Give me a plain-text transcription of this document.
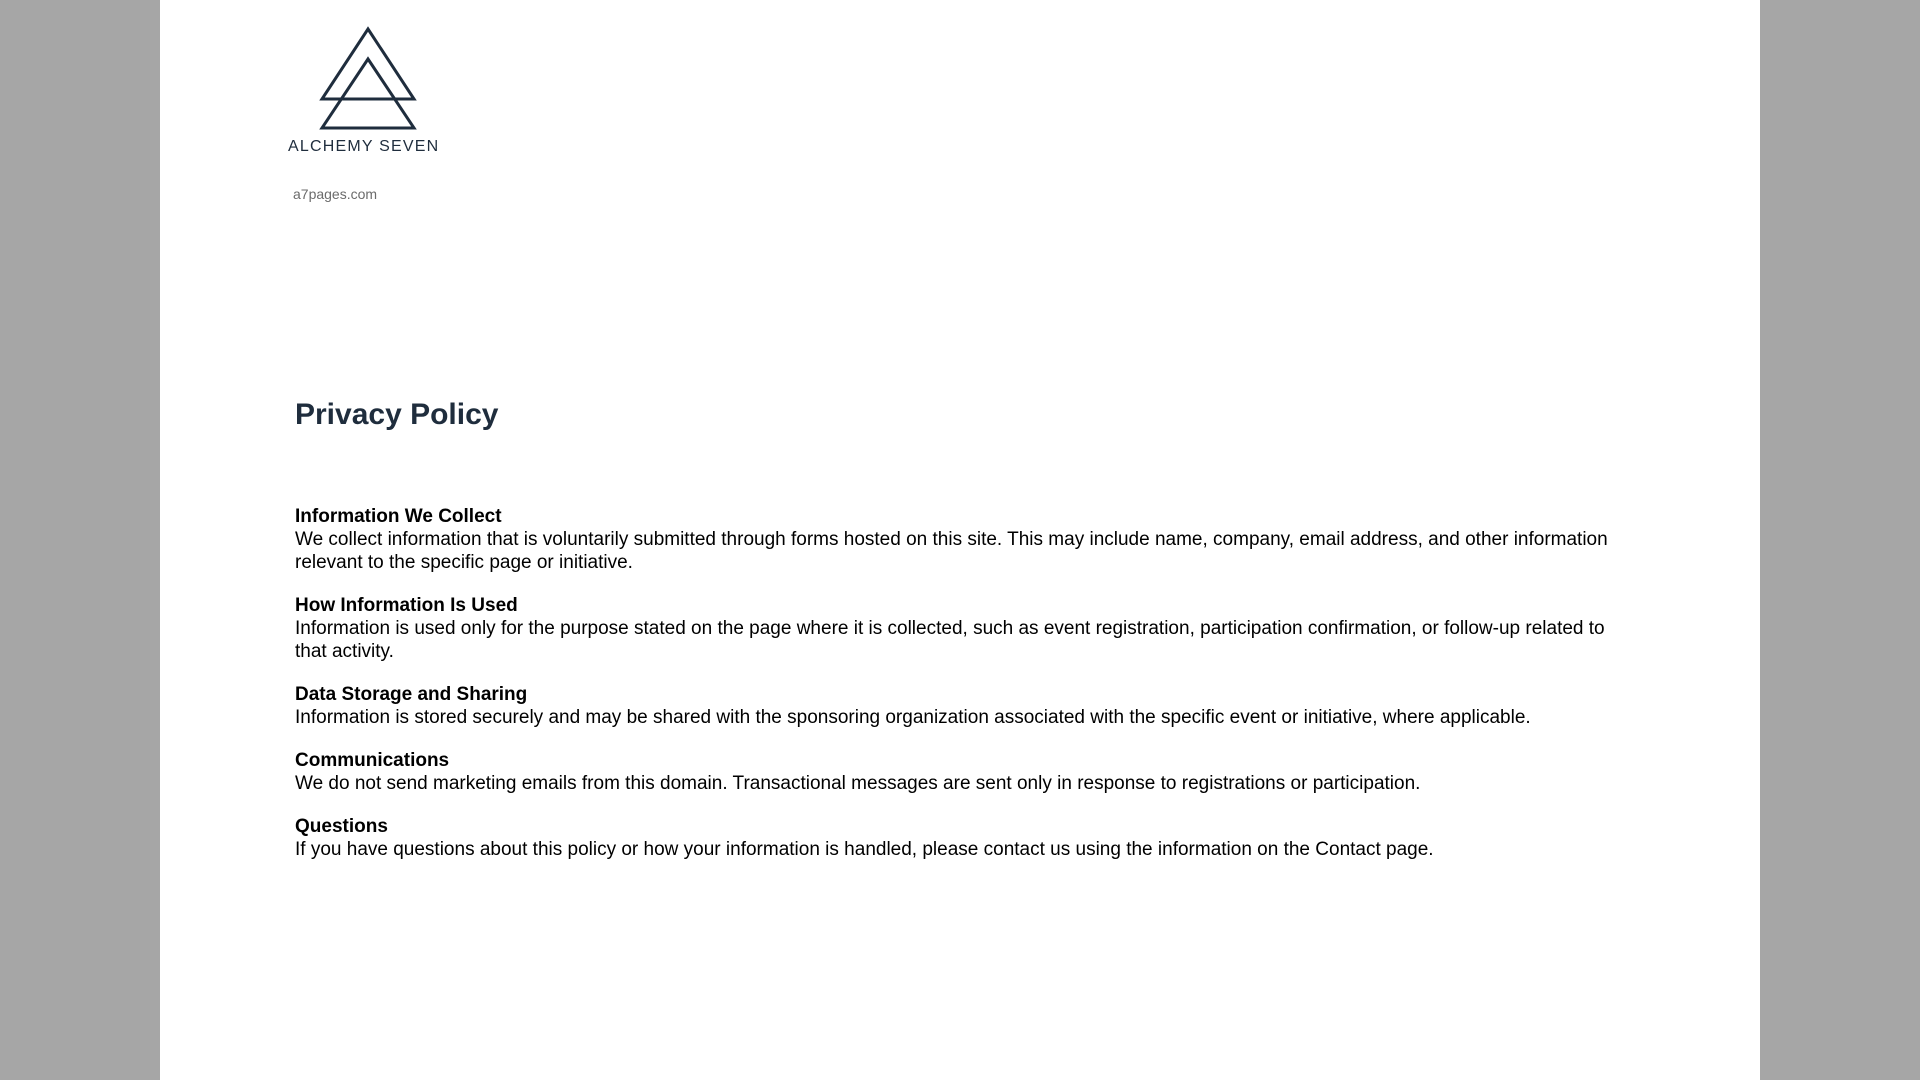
ALCHEMY SEVEN
a7pages.com
Privacy Policy
Information We Collect
We collect information that is voluntarily submitted through forms hosted on this site. This may include name, company, email address, and other information relevant to the specific page or initiative.
How Information Is Used
Information is used only for the purpose stated on the page where it is collected, such as event registration, participation confirmation, or follow-up related to that activity.
Data Storage and Sharing
Information is stored securely and may be shared with the sponsoring organization associated with the specific event or initiative, where applicable.
Communications
We do not send marketing emails from this domain. Transactional messages are sent only in response to registrations or participation.
Questions
If you have questions about this policy or how your information is handled, please contact us using the information on the Contact page.
